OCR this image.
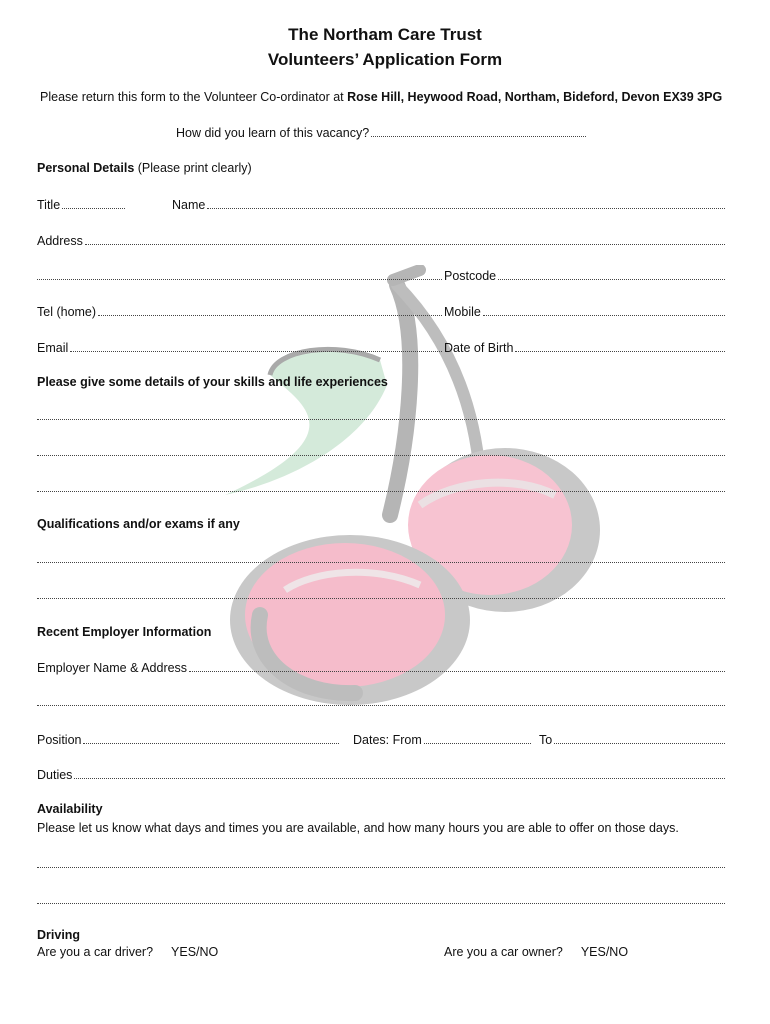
The Northam Care Trust
Volunteers’ Application Form
Please return this form to the Volunteer Co-ordinator at Rose Hill, Heywood Road, Northam, Bideford, Devon EX39 3PG
How did you learn of this vacancy?
Personal Details (Please print clearly)
Title	Name
Address
Postcode
Tel (home)	Mobile
Email	Date of Birth
Please give some details of your skills and life experiences
Qualifications and/or exams if any
Recent Employer Information
Employer Name & Address
Position	Dates: From	To
Duties
Availability
Please let us know what days and times you are available, and how many hours you are able to offer on those days.
Driving
Are you a car driver? YES/NO	Are you a car owner? YES/NO
